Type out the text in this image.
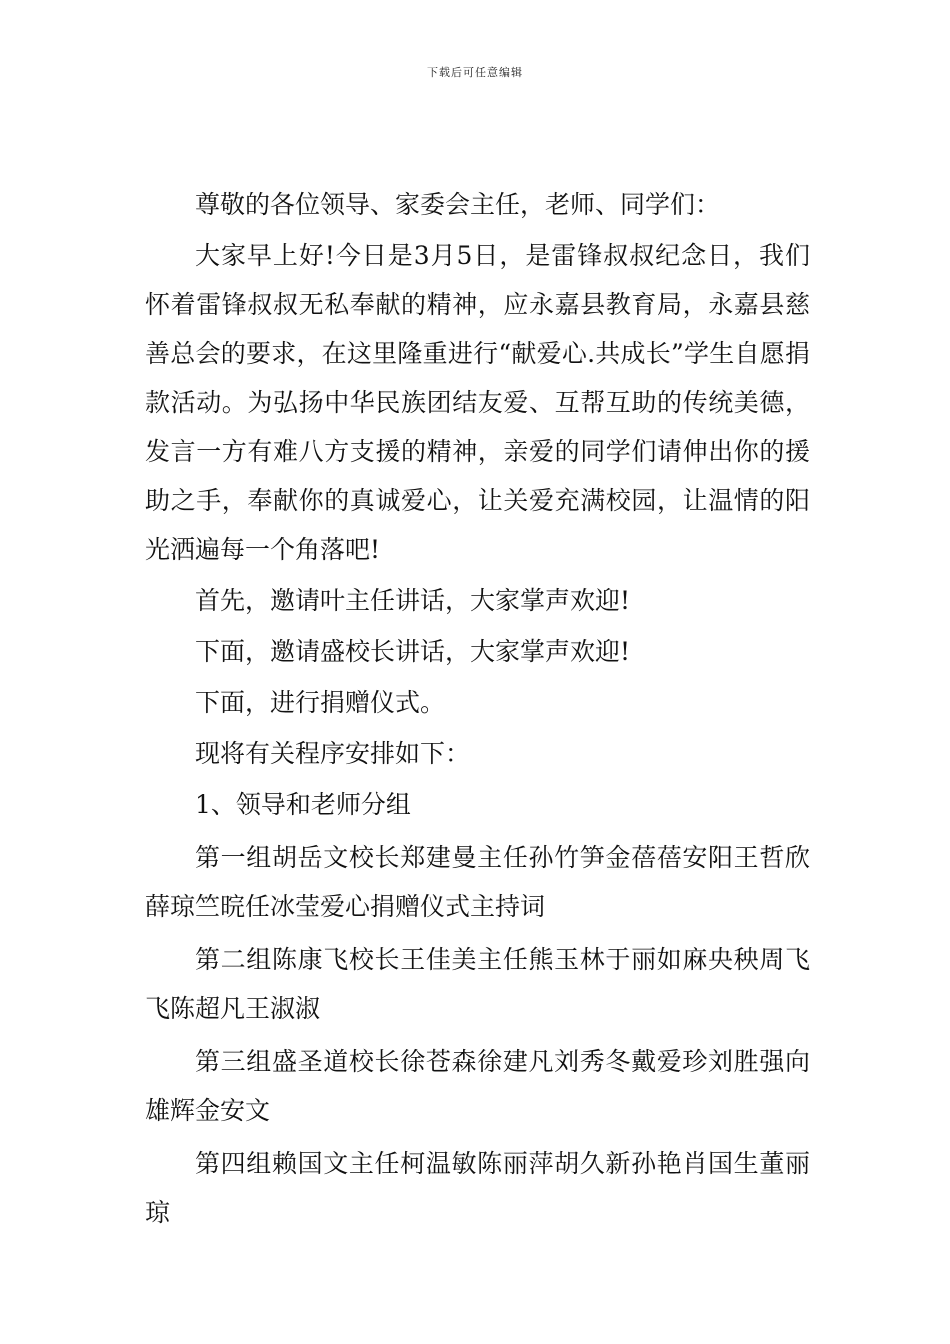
下载后可任意编辑

尊敬的各位领导、家委会主任，老师、同学们：

大家早上好!今日是3月5日，是雷锋叔叔纪念日，我们怀着雷锋叔叔无私奉献的精神，应永嘉县教育局，永嘉县慈善总会的要求，在这里隆重进行“献爱心.共成长”学生自愿捐款活动。为弘扬中华民族团结友爱、互帮互助的传统美德，发言一方有难八方支援的精神，亲爱的同学们请伸出你的援助之手，奉献你的真诚爱心，让关爱充满校园，让温情的阳光洒遍每一个角落吧!

首先，邀请叶主任讲话，大家掌声欢迎!

下面，邀请盛校长讲话，大家掌声欢迎!

下面，进行捐赠仪式。

现将有关程序安排如下：

1、领导和老师分组

第一组胡岳文校长郑建曼主任孙竹笋金蓓蓓安阳王哲欣薛琼竺晥任冰莹爱心捐赠仪式主持词

第二组陈康飞校长王佳美主任熊玉林于丽如麻央秧周飞飞陈超凡王淑淑

第三组盛圣道校长徐苍森徐建凡刘秀冬戴爱珍刘胜强向雄辉金安文

第四组赖国文主任柯温敏陈丽萍胡久新孙艳肖国生董丽琼
